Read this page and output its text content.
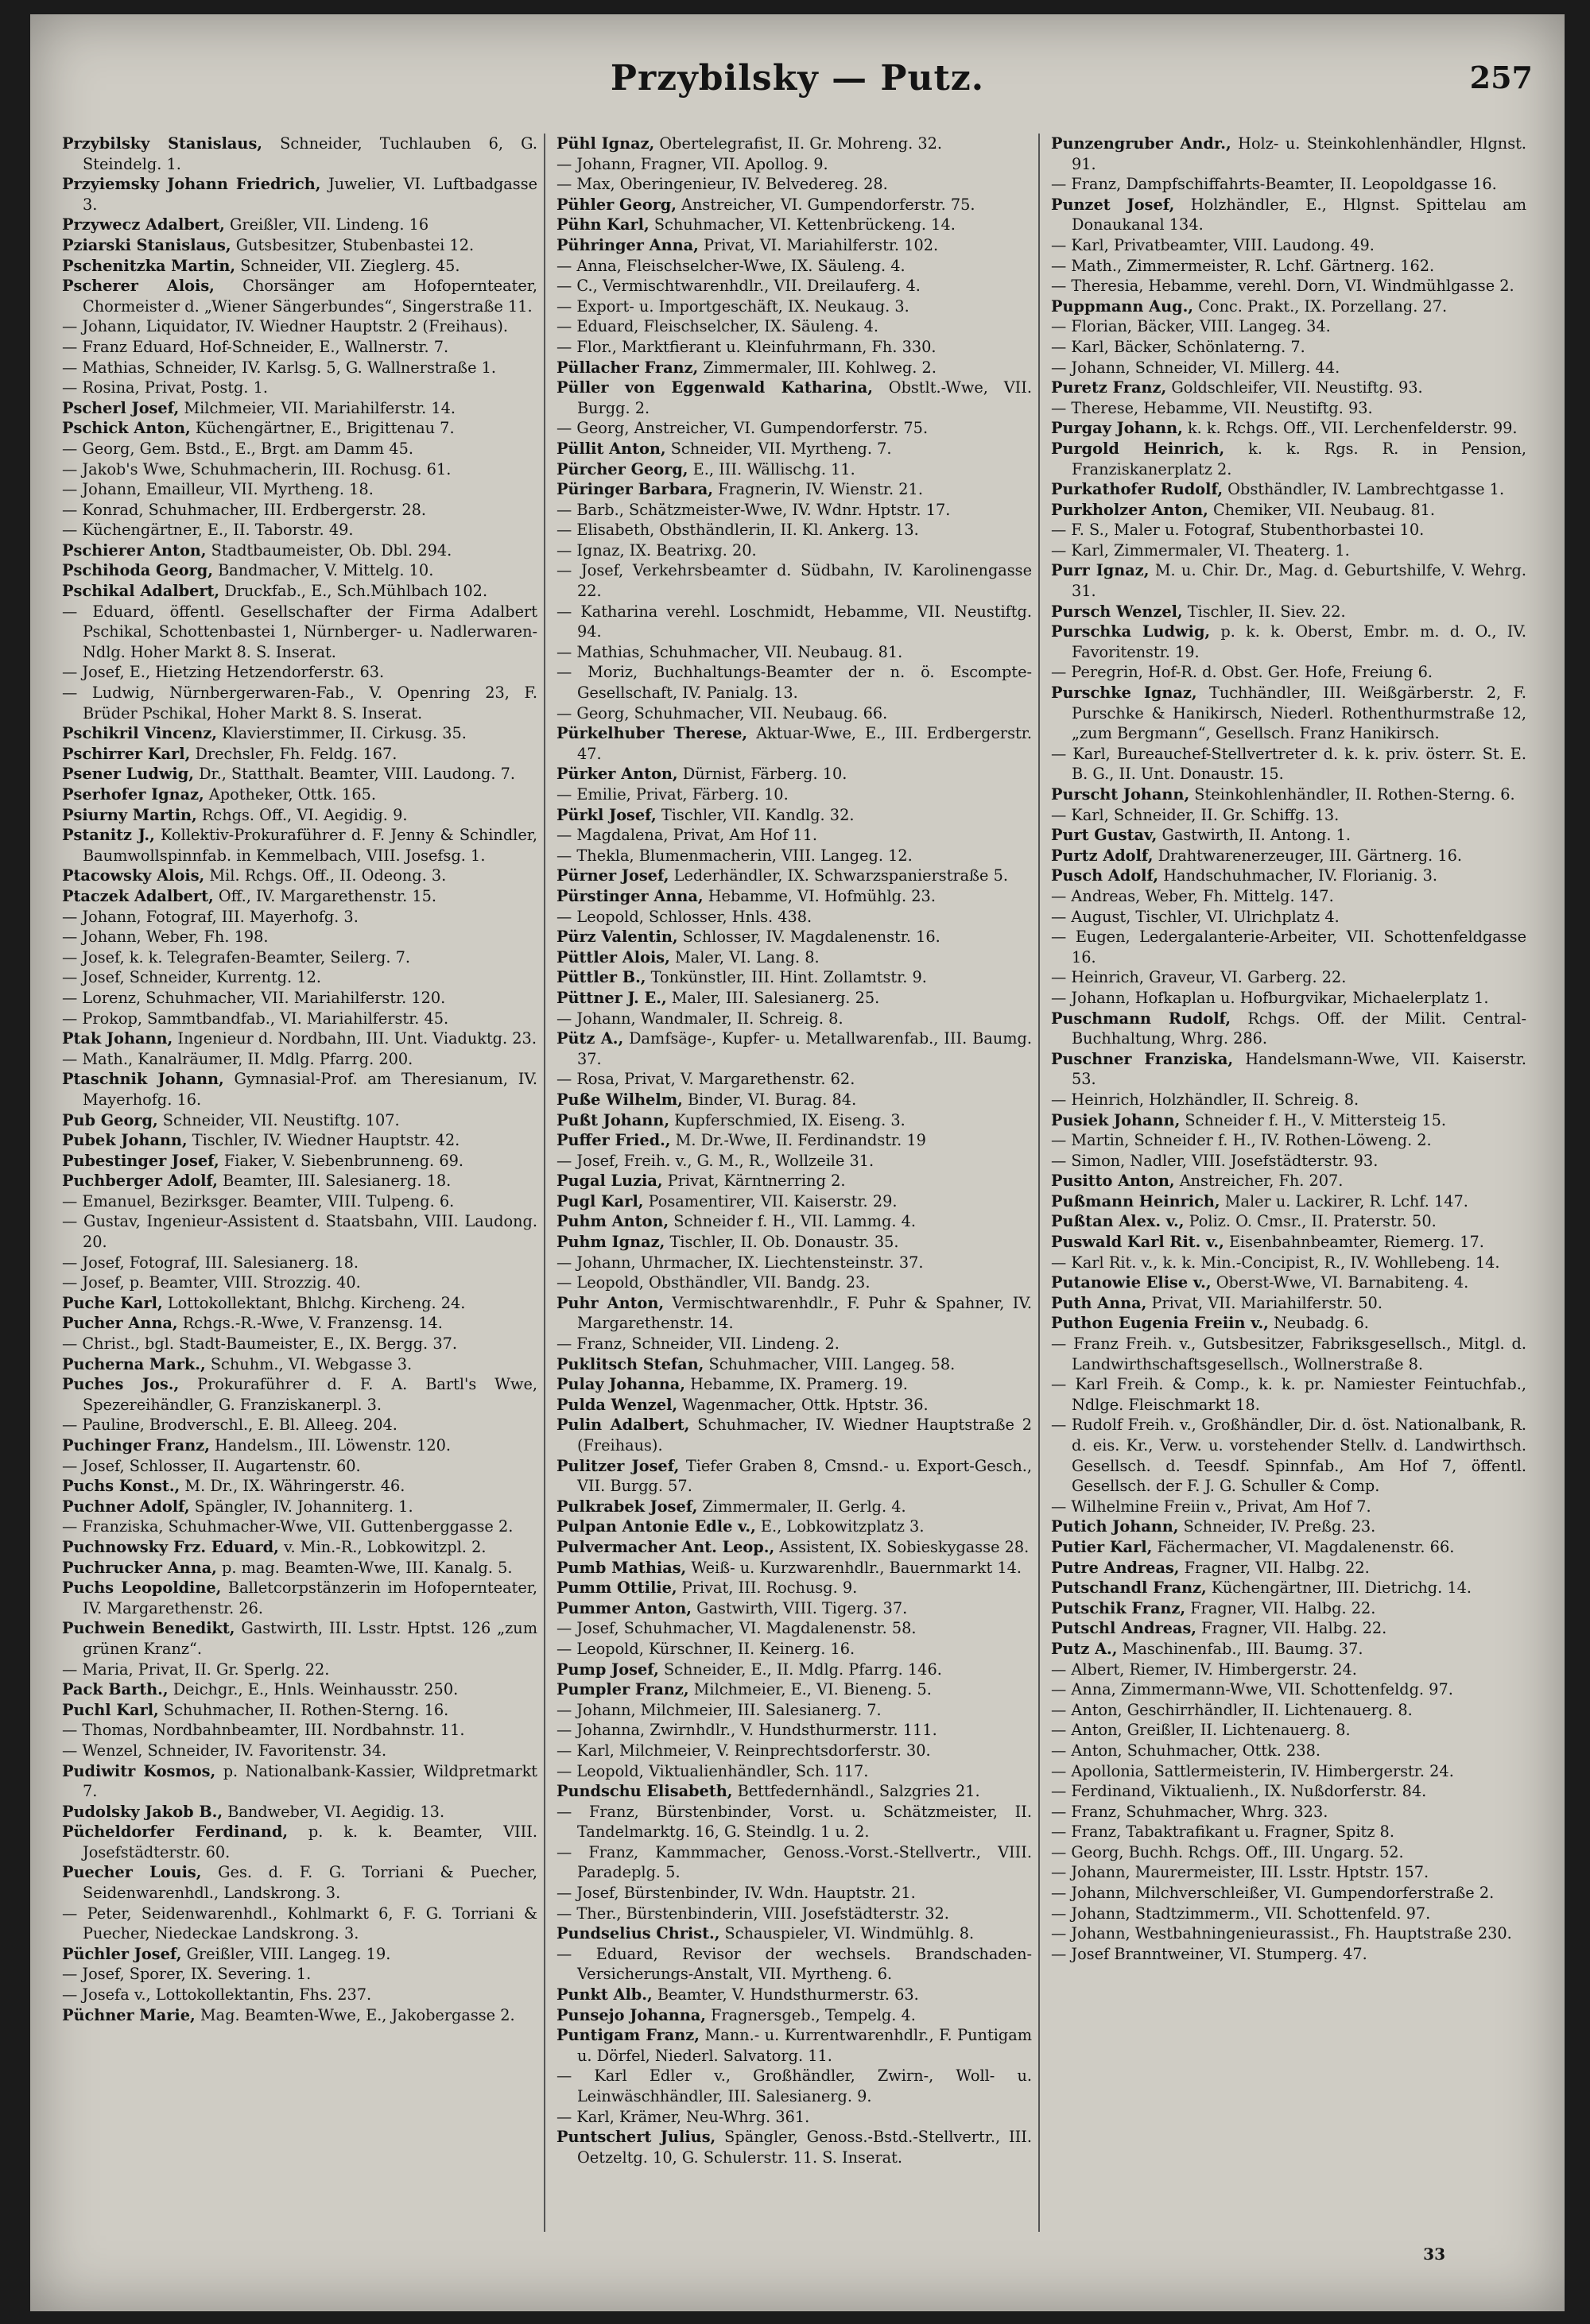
Przybilsky — Putz.	257

Przybilsky Stanislaus, Schneider, Tuchlauben 6, G. Steindelg. 1.

Przyiemsky Johann Friedrich, Juwelier, VI. Luftbadgasse 3.

Przywecz Adalbert, Greißler, VII. Lindeng. 16

Pziarski Stanislaus, Gutsbesitzer, Stubenbastei 12.

Pschenitzka Martin, Schneider, VII. Zieglerg. 45.

Pscherer Alois, Chorsänger am Hofopernteater, Chormeister d. „Wiener Sängerbundes“, Singerstraße 11.

— Johann, Liquidator, IV. Wiedner Hauptstr. 2 (Freihaus).

— Franz Eduard, Hof-Schneider, E., Wallnerstr. 7.

— Mathias, Schneider, IV. Karlsg. 5, G. Wallnerstraße 1.

— Rosina, Privat, Postg. 1.

Pscherl Josef, Milchmeier, VII. Mariahilferstr. 14.

Pschick Anton, Küchengärtner, E., Brigittenau 7.

— Georg, Gem. Bstd., E., Brgt. am Damm 45.

— Jakob's Wwe, Schuhmacherin, III. Rochusg. 61.

— Johann, Emailleur, VII. Myrtheng. 18.

— Konrad, Schuhmacher, III. Erdbergerstr. 28.

— Küchengärtner, E., II. Taborstr. 49.

Pschierer Anton, Stadtbaumeister, Ob. Dbl. 294.

Pschihoda Georg, Bandmacher, V. Mittelg. 10.

Pschikal Adalbert, Druckfab., E., Sch.Mühlbach 102.

— Eduard, öffentl. Gesellschafter der Firma Adalbert Pschikal, Schottenbastei 1, Nürnberger- u. Nadlerwaren-Ndlg. Hoher Markt 8. S. Inserat.

— Josef, E., Hietzing Hetzendorferstr. 63.

— Ludwig, Nürnbergerwaren-Fab., V. Openring 23, F. Brüder Pschikal, Hoher Markt 8. S. Inserat.

Pschikril Vincenz, Klavierstimmer, II. Cirkusg. 35.

Pschirrer Karl, Drechsler, Fh. Feldg. 167.

Psener Ludwig, Dr., Statthalt. Beamter, VIII. Laudong. 7.

Pserhofer Ignaz, Apotheker, Ottk. 165.

Psiurny Martin, Rchgs. Off., VI. Aegidig. 9.

Pstanitz J., Kollektiv-Prokuraführer d. F. Jenny & Schindler, Baumwollspinnfab. in Kemmelbach, VIII. Josefsg. 1.

Ptacowsky Alois, Mil. Rchgs. Off., II. Odeong. 3.

Ptaczek Adalbert, Off., IV. Margarethenstr. 15.

— Johann, Fotograf, III. Mayerhofg. 3.

— Johann, Weber, Fh. 198.

— Josef, k. k. Telegrafen-Beamter, Seilerg. 7.

— Josef, Schneider, Kurrentg. 12.

— Lorenz, Schuhmacher, VII. Mariahilferstr. 120.

— Prokop, Sammtbandfab., VI. Mariahilferstr. 45.

Ptak Johann, Ingenieur d. Nordbahn, III. Unt. Viaduktg. 23.

— Math., Kanalräumer, II. Mdlg. Pfarrg. 200.

Ptaschnik Johann, Gymnasial-Prof. am Theresianum, IV. Mayerhofg. 16.

Pub Georg, Schneider, VII. Neustiftg. 107.

Pubek Johann, Tischler, IV. Wiedner Hauptstr. 42.

Pubestinger Josef, Fiaker, V. Siebenbrunneng. 69.

Puchberger Adolf, Beamter, III. Salesianerg. 18.

— Emanuel, Bezirksger. Beamter, VIII. Tulpeng. 6.

— Gustav, Ingenieur-Assistent d. Staatsbahn, VIII. Laudong. 20.

— Josef, Fotograf, III. Salesianerg. 18.

— Josef, p. Beamter, VIII. Strozzig. 40.

Puche Karl, Lottokollektant, Bhlchg. Kircheng. 24.

Pucher Anna, Rchgs.-R.-Wwe, V. Franzensg. 14.

— Christ., bgl. Stadt-Baumeister, E., IX. Bergg. 37.

Pucherna Mark., Schuhm., VI. Webgasse 3.

Puches Jos., Prokuraführer d. F. A. Bartl's Wwe, Spezereihändler, G. Franziskanerpl. 3.

— Pauline, Brodverschl., E. Bl. Alleeg. 204.

Puchinger Franz, Handelsm., III. Löwenstr. 120.

— Josef, Schlosser, II. Augartenstr. 60.

Puchs Konst., M. Dr., IX. Währingerstr. 46.

Puchner Adolf, Spängler, IV. Johanniterg. 1.

— Franziska, Schuhmacher-Wwe, VII. Guttenberggasse 2.

Puchnowsky Frz. Eduard, v. Min.-R., Lobkowitzpl. 2.

Puchrucker Anna, p. mag. Beamten-Wwe, III. Kanalg. 5.

Puchs Leopoldine, Balletcorpstänzerin im Hofopernteater, IV. Margarethenstr. 26.

Puchwein Benedikt, Gastwirth, III. Lsstr. Hptst. 126 „zum grünen Kranz“.

— Maria, Privat, II. Gr. Sperlg. 22.

Pack Barth., Deichgr., E., Hnls. Weinhausstr. 250.

Puchl Karl, Schuhmacher, II. Rothen-Sterng. 16.

— Thomas, Nordbahnbeamter, III. Nordbahnstr. 11.

— Wenzel, Schneider, IV. Favoritenstr. 34.

Pudiwitr Kosmos, p. Nationalbank-Kassier, Wildpretmarkt 7.

Pudolsky Jakob B., Bandweber, VI. Aegidig. 13.

Pücheldorfer Ferdinand, p. k. k. Beamter, VIII. Josefstädterstr. 60.

Puecher Louis, Ges. d. F. G. Torriani & Puecher, Seidenwarenhdl., Landskrong. 3.

— Peter, Seidenwarenhdl., Kohlmarkt 6, F. G. Torriani & Puecher, Niedeckae Landskrong. 3.

Püchler Josef, Greißler, VIII. Langeg. 19.

— Josef, Sporer, IX. Severing. 1.

— Josefa v., Lottokollektantin, Fhs. 237.

Püchner Marie, Mag. Beamten-Wwe, E., Jakobergasse 2.

Pühl Ignaz, Obertelegrafist, II. Gr. Mohreng. 32.

— Johann, Fragner, VII. Apollog. 9.

— Max, Oberingenieur, IV. Belvedereg. 28.

Pühler Georg, Anstreicher, VI. Gumpendorferstr. 75.

Pühn Karl, Schuhmacher, VI. Kettenbrückeng. 14.

Pühringer Anna, Privat, VI. Mariahilferstr. 102.

— Anna, Fleischselcher-Wwe, IX. Säuleng. 4.

— C., Vermischtwarenhdlr., VII. Dreilauferg. 4.

— Export- u. Importgeschäft, IX. Neukaug. 3.

— Eduard, Fleischselcher, IX. Säuleng. 4.

— Flor., Marktfierant u. Kleinfuhrmann, Fh. 330.

Püllacher Franz, Zimmermaler, III. Kohlweg. 2.

Püller von Eggenwald Katharina, Obstlt.-Wwe, VII. Burgg. 2.

— Georg, Anstreicher, VI. Gumpendorferstr. 75.

Püllit Anton, Schneider, VII. Myrtheng. 7.

Pürcher Georg, E., III. Wällischg. 11.

Püringer Barbara, Fragnerin, IV. Wienstr. 21.

— Barb., Schätzmeister-Wwe, IV. Wdnr. Hptstr. 17.

— Elisabeth, Obsthändlerin, II. Kl. Ankerg. 13.

— Ignaz, IX. Beatrixg. 20.

— Josef, Verkehrsbeamter d. Südbahn, IV. Karolinengasse 22.

— Katharina verehl. Loschmidt, Hebamme, VII. Neustiftg. 94.

— Mathias, Schuhmacher, VII. Neubaug. 81.

— Moriz, Buchhaltungs-Beamter der n. ö. Escompte-Gesellschaft, IV. Panialg. 13.

— Georg, Schuhmacher, VII. Neubaug. 66.

Pürkelhuber Therese, Aktuar-Wwe, E., III. Erdbergerstr. 47.

Pürker Anton, Dürnist, Färberg. 10.

— Emilie, Privat, Färberg. 10.

Pürkl Josef, Tischler, VII. Kandlg. 32.

— Magdalena, Privat, Am Hof 11.

— Thekla, Blumenmacherin, VIII. Langeg. 12.

Pürner Josef, Lederhändler, IX. Schwarzspanierstraße 5.

Pürstinger Anna, Hebamme, VI. Hofmühlg. 23.

— Leopold, Schlosser, Hnls. 438.

Pürz Valentin, Schlosser, IV. Magdalenenstr. 16.

Püttler Alois, Maler, VI. Lang. 8.

Püttler B., Tonkünstler, III. Hint. Zollamtstr. 9.

Püttner J. E., Maler, III. Salesianerg. 25.

— Johann, Wandmaler, II. Schreig. 8.

Pütz A., Damfsäge-, Kupfer- u. Metallwarenfab., III. Baumg. 37.

— Rosa, Privat, V. Margarethenstr. 62.

Puße Wilhelm, Binder, VI. Burag. 84.

Pußt Johann, Kupferschmied, IX. Eiseng. 3.

Puffer Fried., M. Dr.-Wwe, II. Ferdinandstr. 19

— Josef, Freih. v., G. M., R., Wollzeile 31.

Pugal Luzia, Privat, Kärntnerring 2.

Pugl Karl, Posamentirer, VII. Kaiserstr. 29.

Puhm Anton, Schneider f. H., VII. Lammg. 4.

Puhm Ignaz, Tischler, II. Ob. Donaustr. 35.

— Johann, Uhrmacher, IX. Liechtensteinstr. 37.

— Leopold, Obsthändler, VII. Bandg. 23.

Puhr Anton, Vermischtwarenhdlr., F. Puhr & Spahner, IV. Margarethenstr. 14.

— Franz, Schneider, VII. Lindeng. 2.

Puklitsch Stefan, Schuhmacher, VIII. Langeg. 58.

Pulay Johanna, Hebamme, IX. Pramerg. 19.

Pulda Wenzel, Wagenmacher, Ottk. Hptstr. 36.

Pulin Adalbert, Schuhmacher, IV. Wiedner Hauptstraße 2 (Freihaus).

Pulitzer Josef, Tiefer Graben 8, Cmsnd.- u. Export-Gesch., VII. Burgg. 57.

Pulkrabek Josef, Zimmermaler, II. Gerlg. 4.

Pulpan Antonie Edle v., E., Lobkowitzplatz 3.

Pulvermacher Ant. Leop., Assistent, IX. Sobieskygasse 28.

Pumb Mathias, Weiß- u. Kurzwarenhdlr., Bauernmarkt 14.

Pumm Ottilie, Privat, III. Rochusg. 9.

Pummer Anton, Gastwirth, VIII. Tigerg. 37.

— Josef, Schuhmacher, VI. Magdalenenstr. 58.

— Leopold, Kürschner, II. Keinerg. 16.

Pump Josef, Schneider, E., II. Mdlg. Pfarrg. 146.

Pumpler Franz, Milchmeier, E., VI. Bieneng. 5.

— Johann, Milchmeier, III. Salesianerg. 7.

— Johanna, Zwirnhdlr., V. Hundsthurmerstr. 111.

— Karl, Milchmeier, V. Reinprechtsdorferstr. 30.

— Leopold, Viktualienhändler, Sch. 117.

Pundschu Elisabeth, Bettfedernhändl., Salzgries 21.

— Franz, Bürstenbinder, Vorst. u. Schätzmeister, II. Tandelmarktg. 16, G. Steindlg. 1 u. 2.

— Franz, Kammmacher, Genoss.-Vorst.-Stellvertr., VIII. Paradeplg. 5.

— Josef, Bürstenbinder, IV. Wdn. Hauptstr. 21.

— Ther., Bürstenbinderin, VIII. Josefstädterstr. 32.

Pundselius Christ., Schauspieler, VI. Windmühlg. 8.

— Eduard, Revisor der wechsels. Brandschaden-Versicherungs-Anstalt, VII. Myrtheng. 6.

Punkt Alb., Beamter, V. Hundsthurmerstr. 63.

Punsejo Johanna, Fragnersgeb., Tempelg. 4.

Puntigam Franz, Mann.- u. Kurrentwarenhdlr., F. Puntigam u. Dörfel, Niederl. Salvatorg. 11.

— Karl Edler v., Großhändler, Zwirn-, Woll- u. Leinwäschhändler, III. Salesianerg. 9.

— Karl, Krämer, Neu-Whrg. 361.

Puntschert Julius, Spängler, Genoss.-Bstd.-Stellvertr., III. Oetzeltg. 10, G. Schulerstr. 11. S. Inserat.

Punzengruber Andr., Holz- u. Steinkohlenhändler, Hlgnst. 91.

— Franz, Dampfschiffahrts-Beamter, II. Leopoldgasse 16.

Punzet Josef, Holzhändler, E., Hlgnst. Spittelau am Donaukanal 134.

— Karl, Privatbeamter, VIII. Laudong. 49.

— Math., Zimmermeister, R. Lchf. Gärtnerg. 162.

— Theresia, Hebamme, verehl. Dorn, VI. Windmühlgasse 2.

Puppmann Aug., Conc. Prakt., IX. Porzellang. 27.

— Florian, Bäcker, VIII. Langeg. 34.

— Karl, Bäcker, Schönlaterng. 7.

— Johann, Schneider, VI. Millerg. 44.

Puretz Franz, Goldschleifer, VII. Neustiftg. 93.

— Therese, Hebamme, VII. Neustiftg. 93.

Purgay Johann, k. k. Rchgs. Off., VII. Lerchenfelderstr. 99.

Purgold Heinrich, k. k. Rgs. R. in Pension, Franziskanerplatz 2.

Purkathofer Rudolf, Obsthändler, IV. Lambrechtgasse 1.

Purkholzer Anton, Chemiker, VII. Neubaug. 81.

— F. S., Maler u. Fotograf, Stubenthorbastei 10.

— Karl, Zimmermaler, VI. Theaterg. 1.

Purr Ignaz, M. u. Chir. Dr., Mag. d. Geburtshilfe, V. Wehrg. 31.

Pursch Wenzel, Tischler, II. Siev. 22.

Purschka Ludwig, p. k. k. Oberst, Embr. m. d. O., IV. Favoritenstr. 19.

— Peregrin, Hof-R. d. Obst. Ger. Hofe, Freiung 6.

Purschke Ignaz, Tuchhändler, III. Weißgärberstr. 2, F. Purschke & Hanikirsch, Niederl. Rothenthurmstraße 12, „zum Bergmann“, Gesellsch. Franz Hanikirsch.

— Karl, Bureauchef-Stellvertreter d. k. k. priv. österr. St. E. B. G., II. Unt. Donaustr. 15.

Purscht Johann, Steinkohlenhändler, II. Rothen-Sterng. 6.

— Karl, Schneider, II. Gr. Schiffg. 13.

Purt Gustav, Gastwirth, II. Antong. 1.

Purtz Adolf, Drahtwarenerzeuger, III. Gärtnerg. 16.

Pusch Adolf, Handschuhmacher, IV. Florianig. 3.

— Andreas, Weber, Fh. Mittelg. 147.

— August, Tischler, VI. Ulrichplatz 4.

— Eugen, Ledergalanterie-Arbeiter, VII. Schottenfeldgasse 16.

— Heinrich, Graveur, VI. Garberg. 22.

— Johann, Hofkaplan u. Hofburgvikar, Michaelerplatz 1.

Puschmann Rudolf, Rchgs. Off. der Milit. Central-Buchhaltung, Whrg. 286.

Puschner Franziska, Handelsmann-Wwe, VII. Kaiserstr. 53.

— Heinrich, Holzhändler, II. Schreig. 8.

Pusiek Johann, Schneider f. H., V. Mittersteig 15.

— Martin, Schneider f. H., IV. Rothen-Löweng. 2.

— Simon, Nadler, VIII. Josefstädterstr. 93.

Pusitto Anton, Anstreicher, Fh. 207.

Pußmann Heinrich, Maler u. Lackirer, R. Lchf. 147.

Pußtan Alex. v., Poliz. O. Cmsr., II. Praterstr. 50.

Puswald Karl Rit. v., Eisenbahnbeamter, Riemerg. 17.

— Karl Rit. v., k. k. Min.-Concipist, R., IV. Wohllebeng. 14.

Putanowie Elise v., Oberst-Wwe, VI. Barnabiteng. 4.

Puth Anna, Privat, VII. Mariahilferstr. 50.

Puthon Eugenia Freiin v., Neubadg. 6.

— Franz Freih. v., Gutsbesitzer, Fabriksgesellsch., Mitgl. d. Landwirthschaftsgesellsch., Wollnerstraße 8.

— Karl Freih. & Comp., k. k. pr. Namiester Feintuchfab., Ndlge. Fleischmarkt 18.

— Rudolf Freih. v., Großhändler, Dir. d. öst. Nationalbank, R. d. eis. Kr., Verw. u. vorstehender Stellv. d. Landwirthsch. Gesellsch. d. Teesdf. Spinnfab., Am Hof 7, öffentl. Gesellsch. der F. J. G. Schuller & Comp.

— Wilhelmine Freiin v., Privat, Am Hof 7.

Putich Johann, Schneider, IV. Preßg. 23.

Putier Karl, Fächermacher, VI. Magdalenenstr. 66.

Putre Andreas, Fragner, VII. Halbg. 22.

Putschandl Franz, Küchengärtner, III. Dietrichg. 14.

Putschik Franz, Fragner, VII. Halbg. 22.

Putschl Andreas, Fragner, VII. Halbg. 22.

Putz A., Maschinenfab., III. Baumg. 37.

— Albert, Riemer, IV. Himbergerstr. 24.

— Anna, Zimmermann-Wwe, VII. Schottenfeldg. 97.

— Anton, Geschirrhändler, II. Lichtenauerg. 8.

— Anton, Greißler, II. Lichtenauerg. 8.

— Anton, Schuhmacher, Ottk. 238.

— Apollonia, Sattlermeisterin, IV. Himbergerstr. 24.

— Ferdinand, Viktualienh., IX. Nußdorferstr. 84.

— Franz, Schuhmacher, Whrg. 323.

— Franz, Tabaktrafikant u. Fragner, Spitz 8.

— Georg, Buchh. Rchgs. Off., III. Ungarg. 52.

— Johann, Maurermeister, III. Lsstr. Hptstr. 157.

— Johann, Milchverschleißer, VI. Gumpendorferstraße 2.

— Johann, Stadtzimmerm., VII. Schottenfeld. 97.

— Johann, Westbahningenieurassist., Fh. Hauptstraße 230.

— Josef Branntweiner, VI. Stumperg. 47.

33
